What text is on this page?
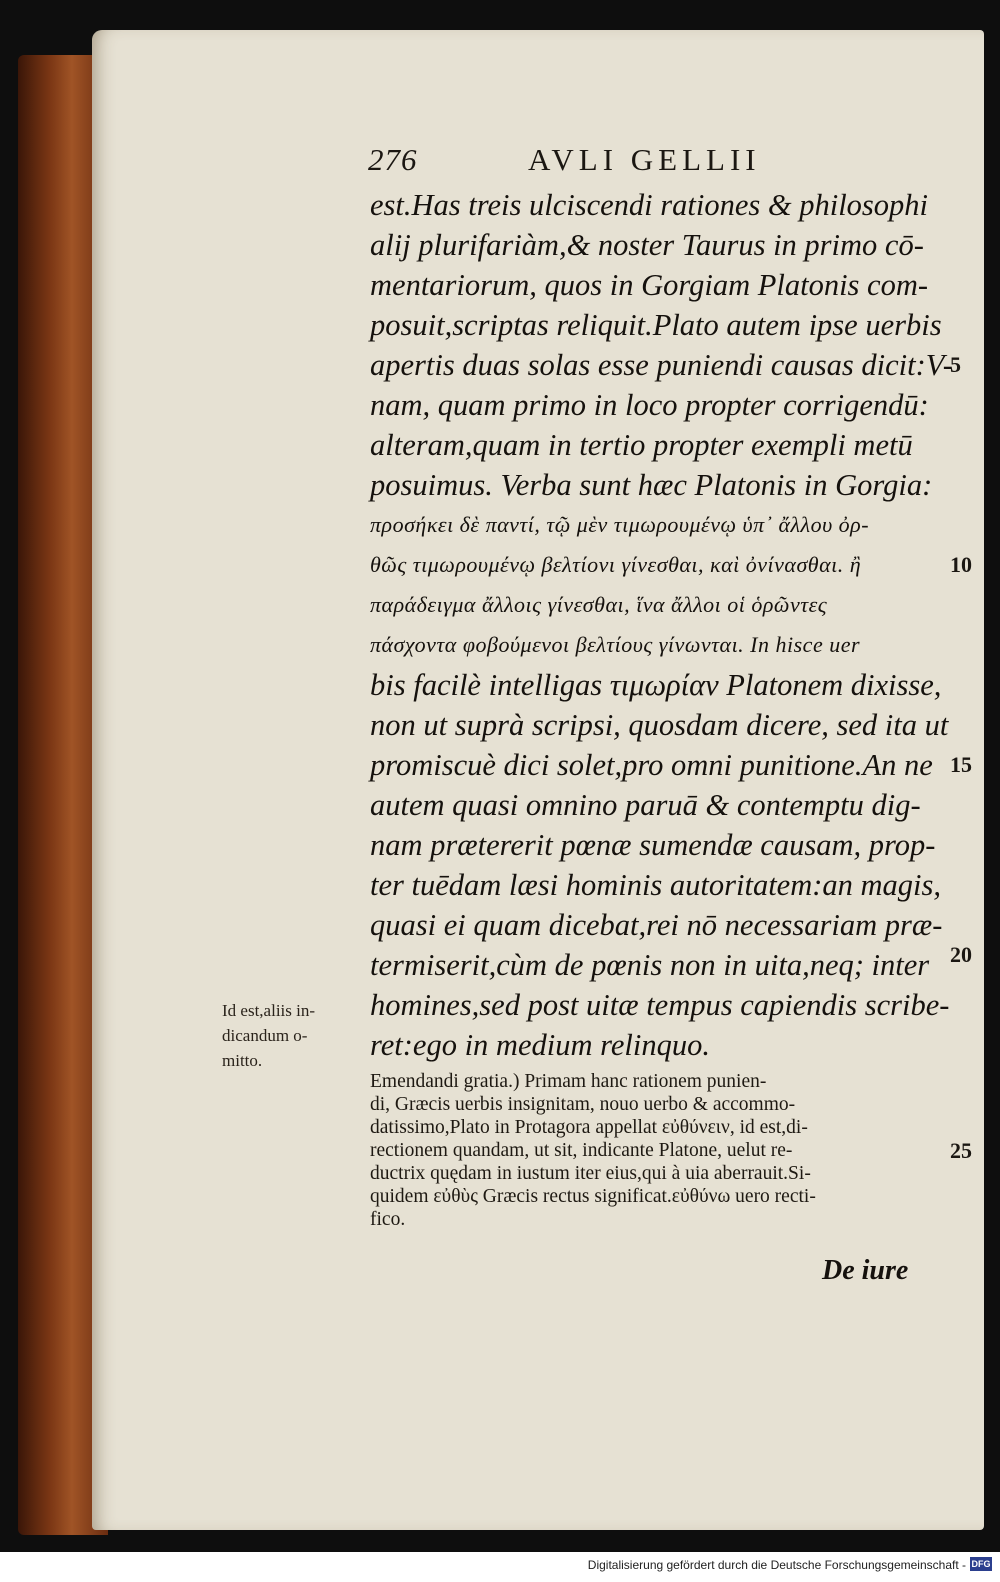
276	AVLI GELLII
est.Has treis ulciscendi rationes & philosophi
alij plurifariàm,& noster Taurus in primo cō-
mentariorum, quos in Gorgiam Platonis com-
posuit,scriptas reliquit.Plato autem ipse uerbis
apertis duas solas esse puniendi causas dicit:V-
nam, quam primo in loco propter corrigendū:
alteram,quam in tertio propter exempli metū
posuimus. Verba sunt hæc Platonis in Gorgia:
προσήκει δὲ παντί, τῷ μὲν τιμωρουμένῳ ὑπ᾽ ἄλλου ὀρ-
θῶς τιμωρουμένῳ βελτίονι γίνεσθαι, καὶ ὀνίνασθαι. ἢ
παράδειγμα ἄλλοις γίνεσθαι, ἵνα ἄλλοι οἱ ὁρῶντες
πάσχοντα φοβούμενοι βελτίους γίνωνται. In hisce uer
bis facilè intelligas τιμωρίαν Platonem dixisse,
non ut suprà scripsi, quosdam dicere, sed ita ut
promiscuè dici solet,pro omni punitione.An ne
autem quasi omnino paruā & contemptu dig-
nam prætererit pœnæ sumendæ causam, prop-
ter tuēdam læsi hominis autoritatem:an magis,
quasi ei quam dicebat,rei nō necessariam præ-
termiserit,cùm de pœnis non in uita,neq; inter
homines,sed post uitæ tempus capiendis scribe-
ret:ego in medium relinquo.
5
10
15
20
25
Id est,aliis in-
dicandum o-
mitto.
Emendandi gratia.) Primam hanc rationem punien-
di, Græcis uerbis insignitam, nouo uerbo & accommo-
datissimo,Plato in Protagora appellat εὐθύνειν, id est,di-
rectionem quandam, ut sit, indicante Platone, uelut re-
ductrix quędam in iustum iter eius,qui à uia aberrauit.Si-
quidem εὐθὺς Græcis rectus significat.εὐθύνω uero recti-
fico.
De iure
Digitalisierung gefördert durch die Deutsche Forschungsgemeinschaft - DFG
